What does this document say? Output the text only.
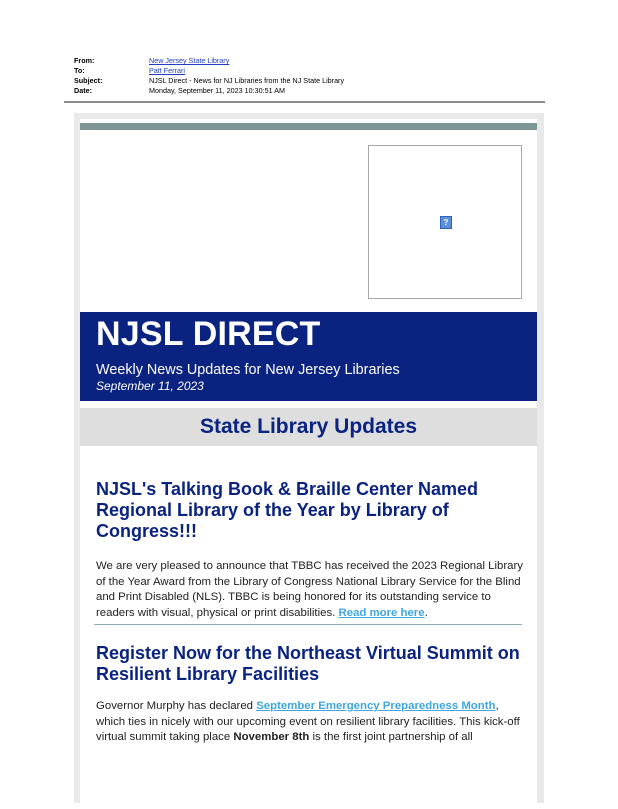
From:	New Jersey State Library
To:	Patt Ferrari
Subject:	NJSL Direct - News for NJ Libraries from the NJ State Library
Date:	Monday, September 11, 2023 10:30:51 AM
?
NJSL DIRECT
Weekly News Updates for New Jersey Libraries
September 11, 2023
State Library Updates
NJSL's Talking Book & Braille Center Named Regional Library of the Year by Library of Congress!!!
We are very pleased to announce that TBBC has received the 2023 Regional Library of the Year Award from the Library of Congress National Library Service for the Blind and Print Disabled (NLS). TBBC is being honored for its outstanding service to readers with visual, physical or print disabilities. Read more here.
Register Now for the Northeast Virtual Summit on Resilient Library Facilities
Governor Murphy has declared September Emergency Preparedness Month, which ties in nicely with our upcoming event on resilient library facilities. This kick-off virtual summit taking place November 8th is the first joint partnership of all
